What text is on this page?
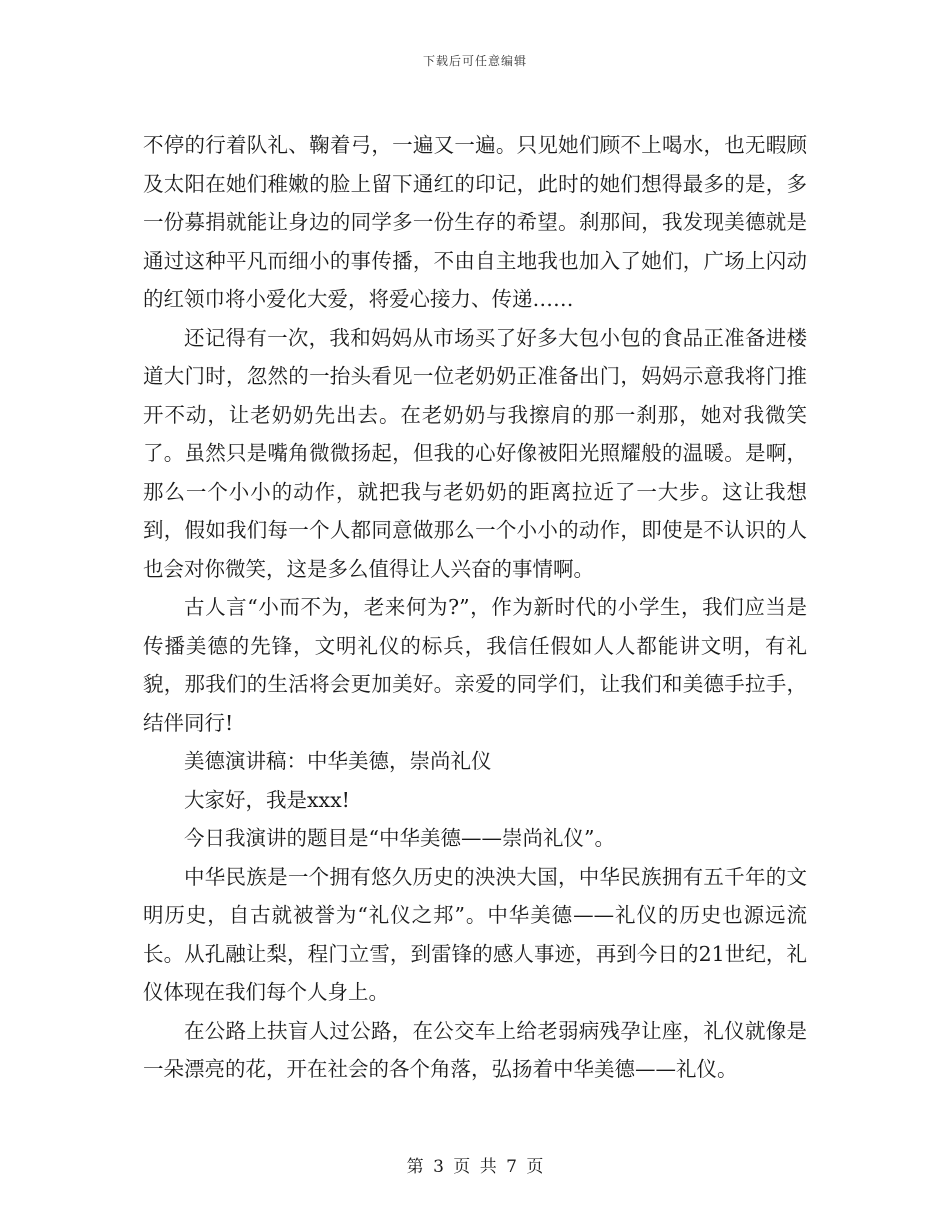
下载后可任意编辑

不停的行着队礼、鞠着弓，一遍又一遍。只见她们顾不上喝水，也无暇顾及太阳在她们稚嫩的脸上留下通红的印记，此时的她们想得最多的是，多一份募捐就能让身边的同学多一份生存的希望。刹那间，我发现美德就是通过这种平凡而细小的事传播，不由自主地我也加入了她们，广场上闪动的红领巾将小爱化大爱，将爱心接力、传递……

还记得有一次，我和妈妈从市场买了好多大包小包的食品正准备进楼道大门时，忽然的一抬头看见一位老奶奶正准备出门，妈妈示意我将门推开不动，让老奶奶先出去。在老奶奶与我擦肩的那一刹那，她对我微笑了。虽然只是嘴角微微扬起，但我的心好像被阳光照耀般的温暖。是啊，那么一个小小的动作，就把我与老奶奶的距离拉近了一大步。这让我想到，假如我们每一个人都同意做那么一个小小的动作，即使是不认识的人也会对你微笑，这是多么值得让人兴奋的事情啊。

古人言“小而不为，老来何为?”，作为新时代的小学生，我们应当是传播美德的先锋，文明礼仪的标兵，我信任假如人人都能讲文明，有礼貌，那我们的生活将会更加美好。亲爱的同学们，让我们和美德手拉手，结伴同行!

美德演讲稿：中华美德，崇尚礼仪

大家好，我是xxx!

今日我演讲的题目是“中华美德——崇尚礼仪”。

中华民族是一个拥有悠久历史的泱泱大国，中华民族拥有五千年的文明历史，自古就被誉为“礼仪之邦”。中华美德——礼仪的历史也源远流长。从孔融让梨，程门立雪，到雷锋的感人事迹，再到今日的21世纪，礼仪体现在我们每个人身上。

在公路上扶盲人过公路，在公交车上给老弱病残孕让座，礼仪就像是一朵漂亮的花，开在社会的各个角落，弘扬着中华美德——礼仪。

第 3 页 共 7 页
